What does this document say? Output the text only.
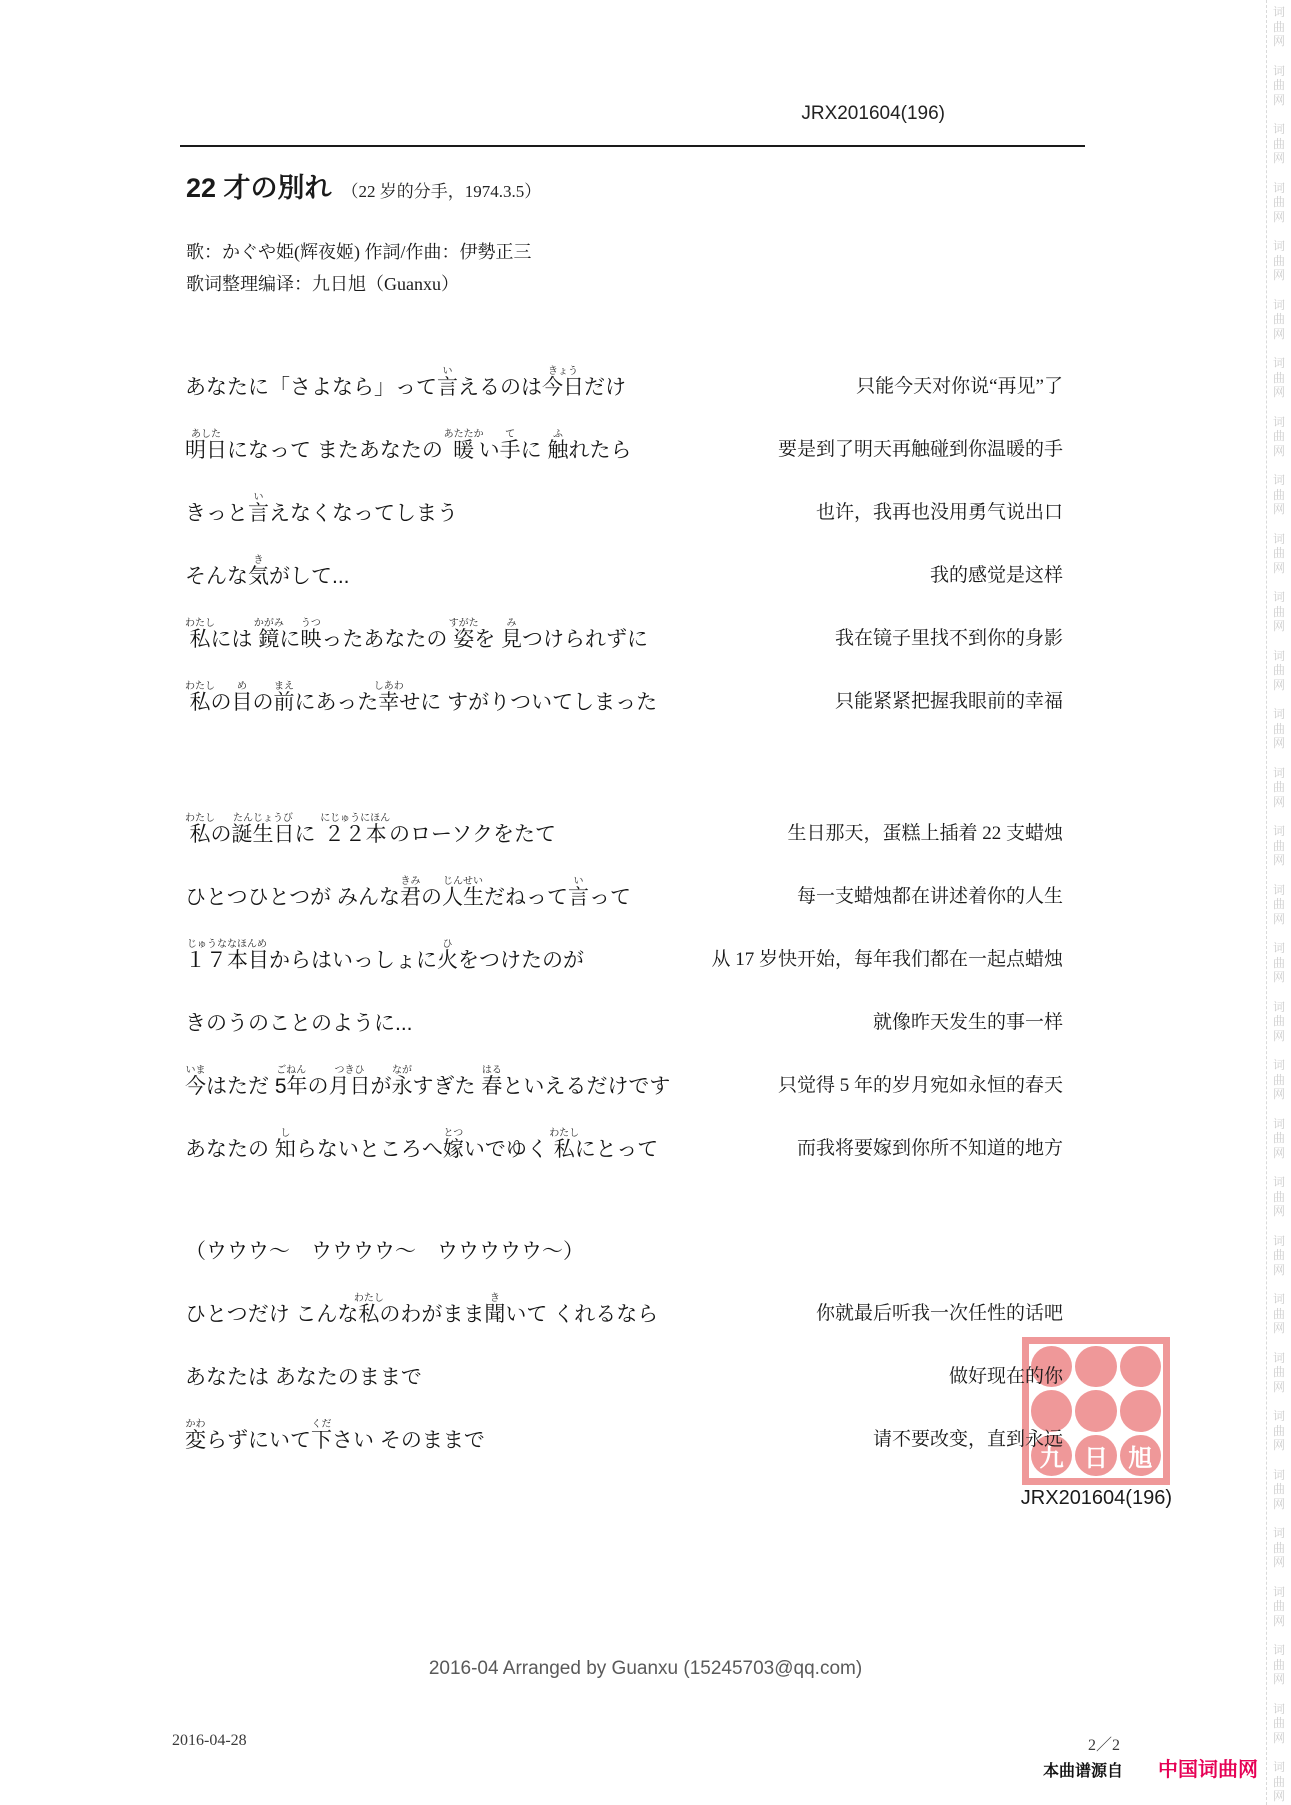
词
曲
网
词
曲
网
词
曲
网
词
曲
网
词
曲
网
词
曲
网
词
曲
网
词
曲
网
词
曲
网
词
曲
网
词
曲
网
词
曲
网
词
曲
网
词
曲
网
词
曲
网
词
曲
网
词
曲
网
词
曲
网
词
曲
网
词
曲
网
词
曲
网
词
曲
网
词
曲
网
词
曲
网
词
曲
网
词
曲
网
词
曲
网
词
曲
网
词
曲
网
词
曲
网
词
曲
网
JRX201604(196)
22 才の別れ （22 岁的分手，1974.3.5）
歌：かぐや姫(辉夜姬) 作詞/作曲：伊勢正三
歌词整理编译：九日旭（Guanxu）
九 日 旭
JRX201604(196)
あなたに「さよなら」って言いえるのは今日きょうだけ	只能今天对你说“再见”了
明日あしたになって またあなたの 暖あたたかい手てに 触ふれたら	要是到了明天再触碰到你温暖的手
きっと言いえなくなってしまう	也许，我再也没用勇气说出口
そんな気きがして...	我的感觉是这样
私わたしには 鏡かがみに映うつったあなたの 姿すがたを 見みつけられずに	我在镜子里找不到你的身影
私わたしの目めの前まえにあった幸しあわせに すがりついてしまった	只能紧紧把握我眼前的幸福
私わたしの誕生日たんじょうびに ２２本にじゅうにほんのローソクをたて	生日那天，蛋糕上插着 22 支蜡烛
ひとつひとつが みんな君きみの人生じんせいだねって言いって	每一支蜡烛都在讲述着你的人生
１７本目じゅうななほんめからはいっしょに火ひをつけたのが	从 17 岁快开始，每年我们都在一起点蜡烛
きのうのことのように...	就像昨天发生的事一样
今いまはただ 5年ごねんの月日つきひが永ながすぎた 春はるといえるだけです	只觉得 5 年的岁月宛如永恒的春天
あなたの 知しらないところへ嫁とついでゆく 私わたしにとって	而我将要嫁到你所不知道的地方
（ウウウ～　ウウウウ～　ウウウウウ～）
ひとつだけ こんな私わたしのわがまま聞きいて くれるなら	你就最后听我一次任性的话吧
あなたは あなたのままで	做好现在的你
変かわらずにいて下ください そのままで	请不要改变，直到永远
2016-04 Arranged by Guanxu (15245703@qq.com)
2016-04-28	2／2
本曲谱源自 中国词曲网
